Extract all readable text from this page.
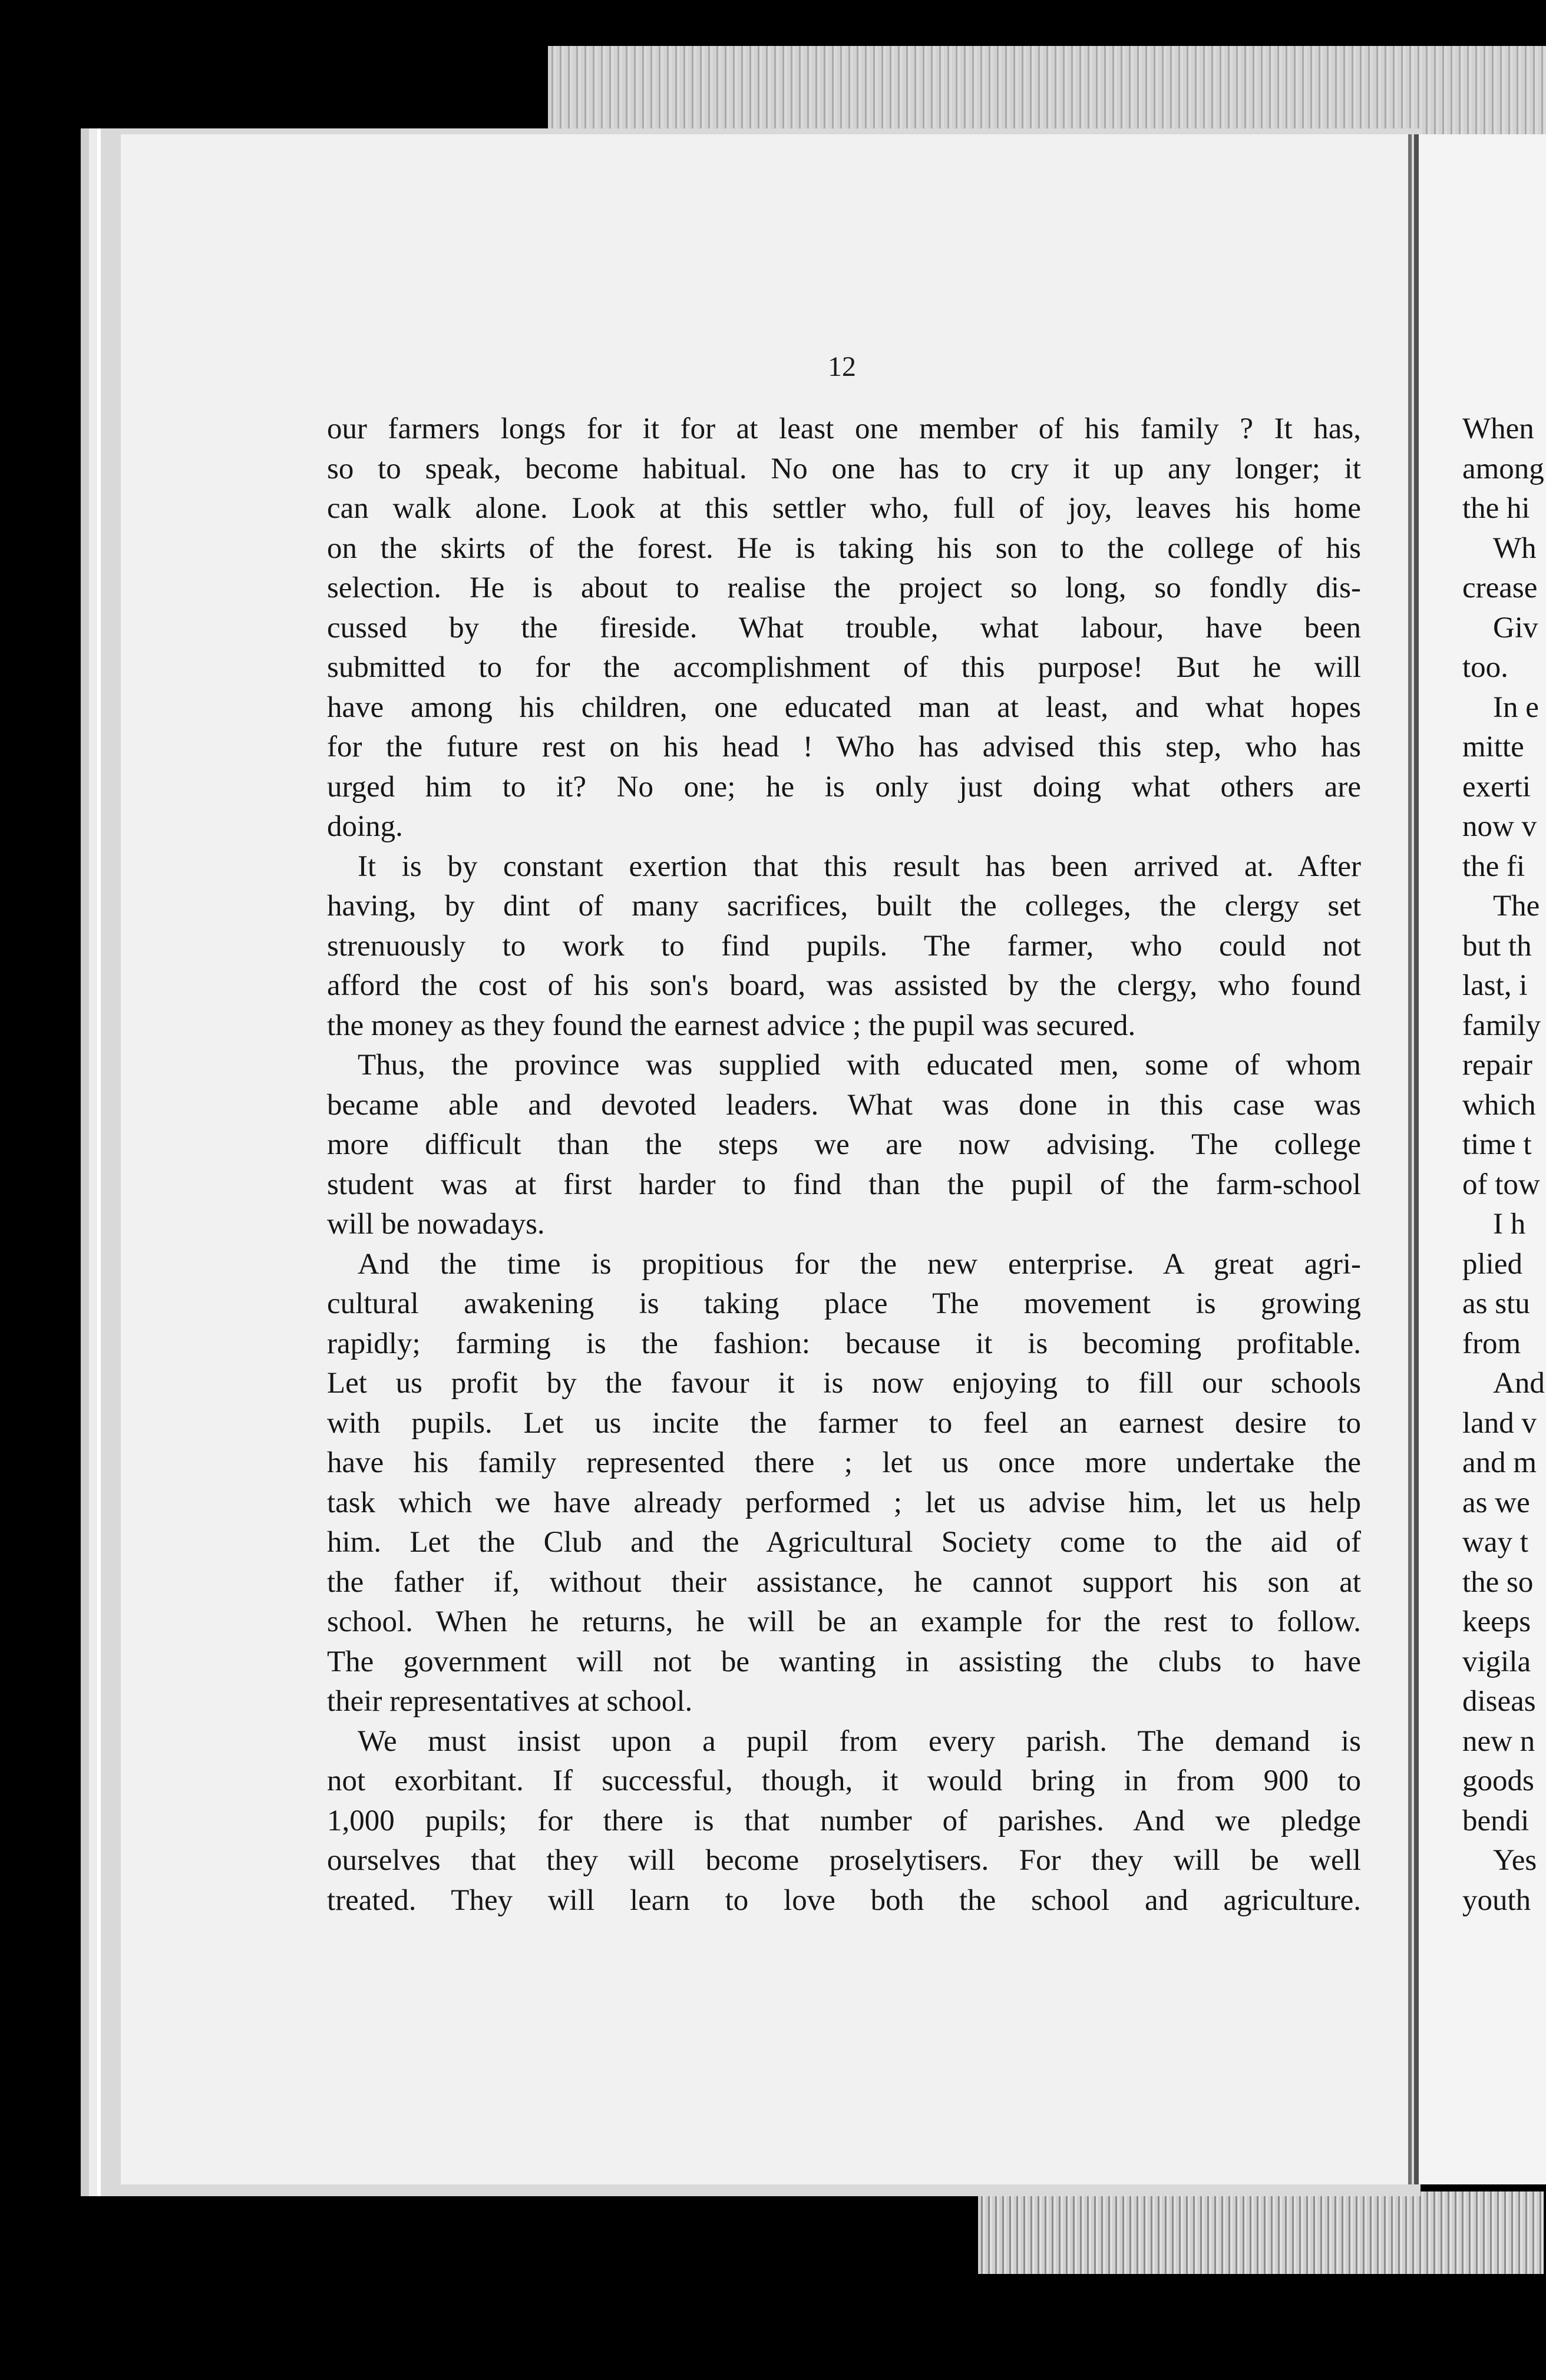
12

our farmers longs for it for at least one member of his family ? It has,

so to speak, become habitual. No one has to cry it up any longer; it

can walk alone. Look at this settler who, full of joy, leaves his home

on the skirts of the forest. He is taking his son to the college of his

selection. He is about to realise the project so long, so fondly dis-

cussed by the fireside. What trouble, what labour, have been

submitted to for the accomplishment of this purpose! But he will

have among his children, one educated man at least, and what hopes

for the future rest on his head ! Who has advised this step, who has

urged him to it? No one; he is only just doing what others are

doing.

It is by constant exertion that this result has been arrived at. After

having, by dint of many sacrifices, built the colleges, the clergy set

strenuously to work to find pupils. The farmer, who could not

afford the cost of his son's board, was assisted by the clergy, who found

the money as they found the earnest advice ; the pupil was secured.

Thus, the province was supplied with educated men, some of whom

became able and devoted leaders. What was done in this case was

more difficult than the steps we are now advising. The college

student was at first harder to find than the pupil of the farm-school

will be nowadays.

And the time is propitious for the new enterprise. A great agri-

cultural awakening is taking place The movement is growing

rapidly; farming is the fashion: because it is becoming profitable.

Let us profit by the favour it is now enjoying to fill our schools

with pupils. Let us incite the farmer to feel an earnest desire to

have his family represented there ; let us once more undertake the

task which we have already performed ; let us advise him, let us help

him. Let the Club and the Agricultural Society come to the aid of

the father if, without their assistance, he cannot support his son at

school. When he returns, he will be an example for the rest to follow.

The government will not be wanting in assisting the clubs to have

their representatives at school.

We must insist upon a pupil from every parish. The demand is

not exorbitant. If successful, though, it would bring in from 900 to

1,000 pupils; for there is that number of parishes. And we pledge

ourselves that they will become proselytisers. For they will be well

treated. They will learn to love both the school and agriculture.

When
among
the hi
Wh
crease
Giv
too.
In e
mitte
exerti
now v
the fi
The
but th
last, i
family
repair
which
time t
of tow
I h
plied
as stu
from
And
land v
and m
as we
way t
the so
keeps
vigila
diseas
new n
goods
bendi
Yes
youth
